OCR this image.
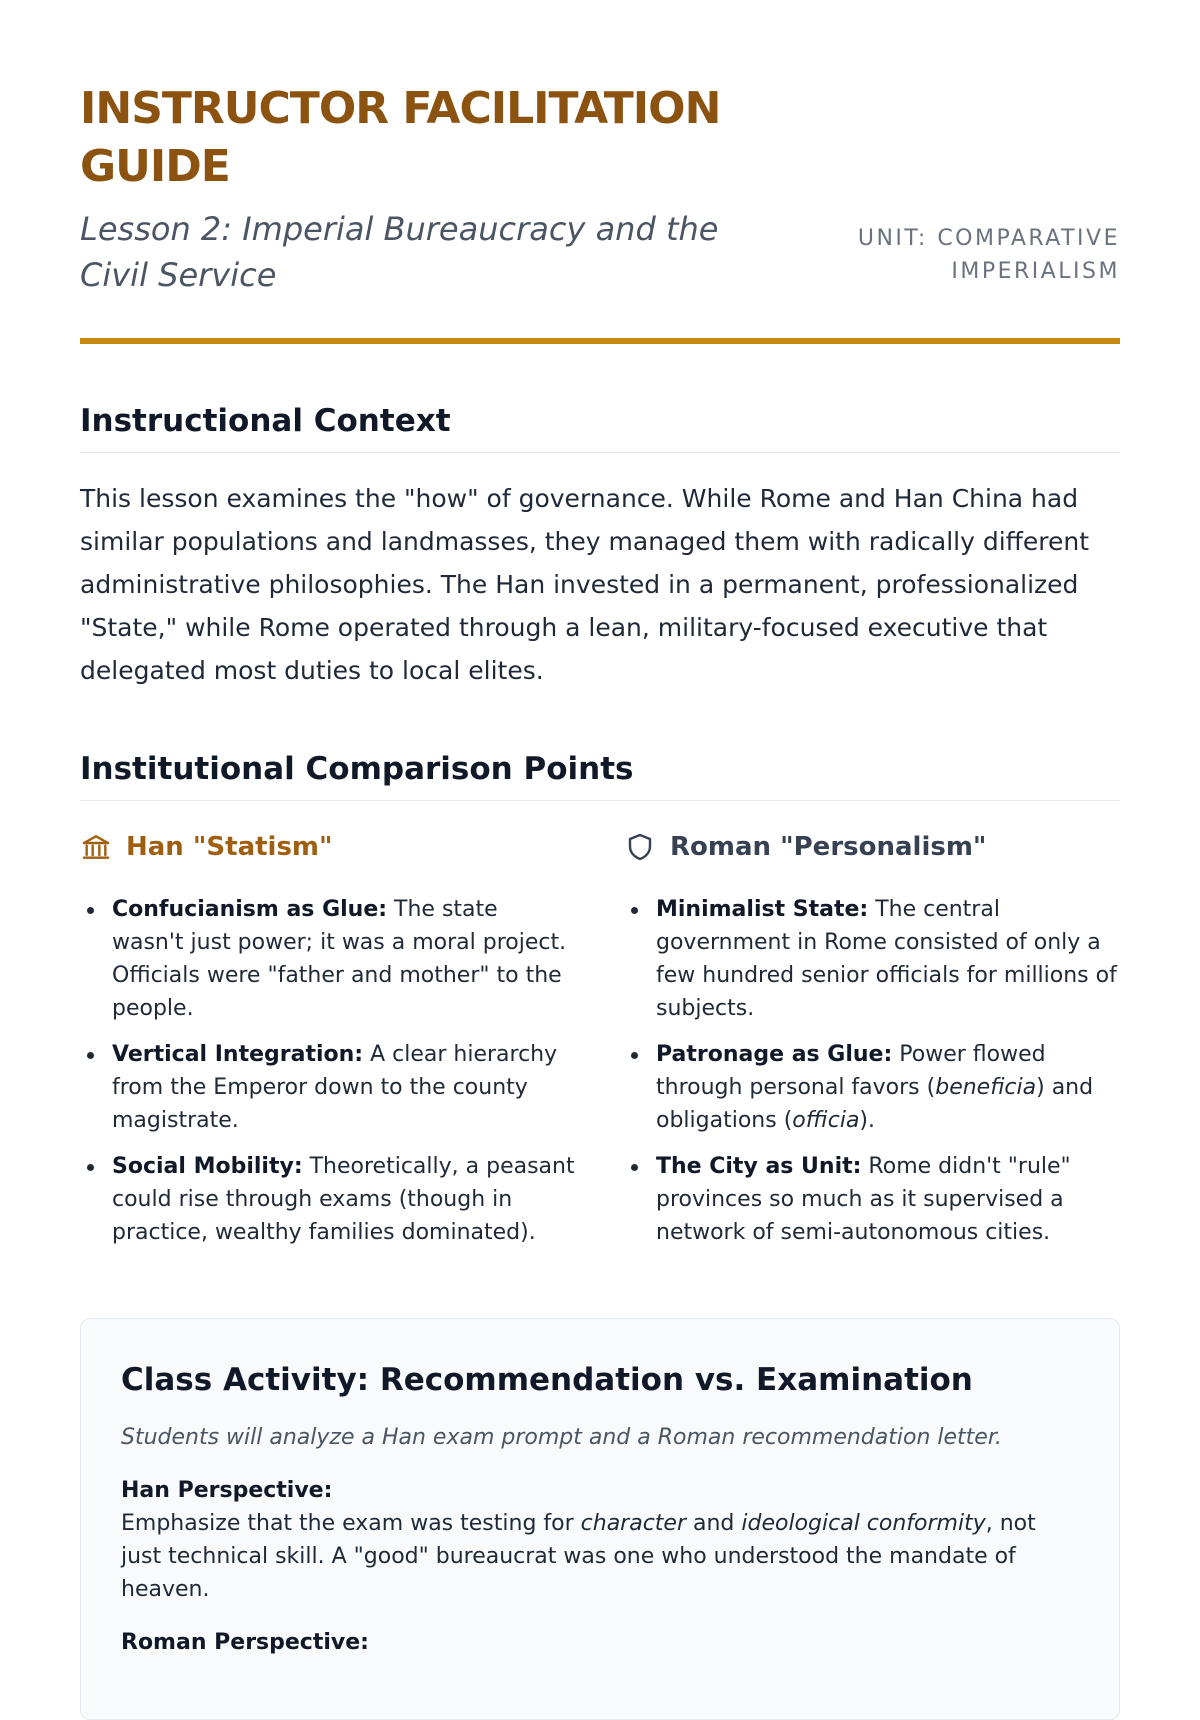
INSTRUCTOR FACILITATION GUIDE
Lesson 2: Imperial Bureaucracy and the Civil Service
UNIT: COMPARATIVE IMPERIALISM
Instructional Context

This lesson examines the "how" of governance. While Rome and Han China had similar populations and landmasses, they managed them with radically different administrative philosophies. The Han invested in a permanent, professionalized "State," while Rome operated through a lean, military-focused executive that delegated most duties to local elites.

Institutional Comparison Points
Han "Statism"
Confucianism as Glue: The state wasn't just power; it was a moral project. Officials were "father and mother" to the people.
Vertical Integration: A clear hierarchy from the Emperor down to the county magistrate.
Social Mobility: Theoretically, a peasant could rise through exams (though in practice, wealthy families dominated).
Roman "Personalism"
Minimalist State: The central government in Rome consisted of only a few hundred senior officials for millions of subjects.
Patronage as Glue: Power flowed through personal favors (beneficia) and obligations (officia).
The City as Unit: Rome didn't "rule" provinces so much as it supervised a network of semi-autonomous cities.
Class Activity: Recommendation vs. Examination

Students will analyze a Han exam prompt and a Roman recommendation letter.

Han Perspective:

Emphasize that the exam was testing for character and ideological conformity, not just technical skill. A "good" bureaucrat was one who understood the mandate of heaven.

Roman Perspective:
